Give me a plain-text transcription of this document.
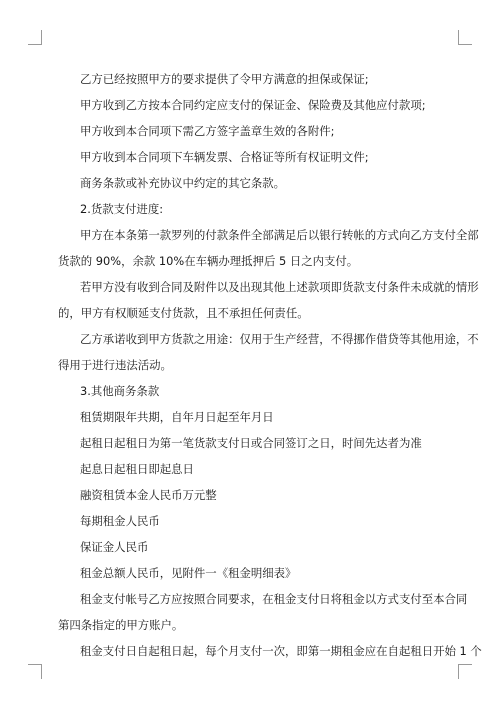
乙方已经按照甲方的要求提供了令甲方满意的担保或保证;
甲方收到乙方按本合同约定应支付的保证金、保险费及其他应付款项;
甲方收到本合同项下需乙方签字盖章生效的各附件;
甲方收到本合同项下车辆发票、合格证等所有权证明文件;
商务条款或补充协议中约定的其它条款。
2.货款支付进度:
甲方在本条第一款罗列的付款条件全部满足后以银行转帐的方式向乙方支付全部
货款的 90%，余款 10%在车辆办理抵押后 5 日之内支付。
若甲方没有收到合同及附件以及出现其他上述款项即货款支付条件未成就的情形
的，甲方有权顺延支付货款，且不承担任何责任。
乙方承诺收到甲方货款之用途：仅用于生产经营，不得挪作借贷等其他用途，不
得用于进行违法活动。
3.其他商务条款
租赁期限年共期，自年月日起至年月日
起租日起租日为第一笔货款支付日或合同签订之日，时间先达者为准
起息日起租日即起息日
融资租赁本金人民币万元整
每期租金人民币
保证金人民币
租金总额人民币，见附件一《租金明细表》
租金支付帐号乙方应按照合同要求，在租金支付日将租金以方式支付至本合同
第四条指定的甲方账户。
租金支付日自起租日起，每个月支付一次，即第一期租金应在自起租日开始 1 个
